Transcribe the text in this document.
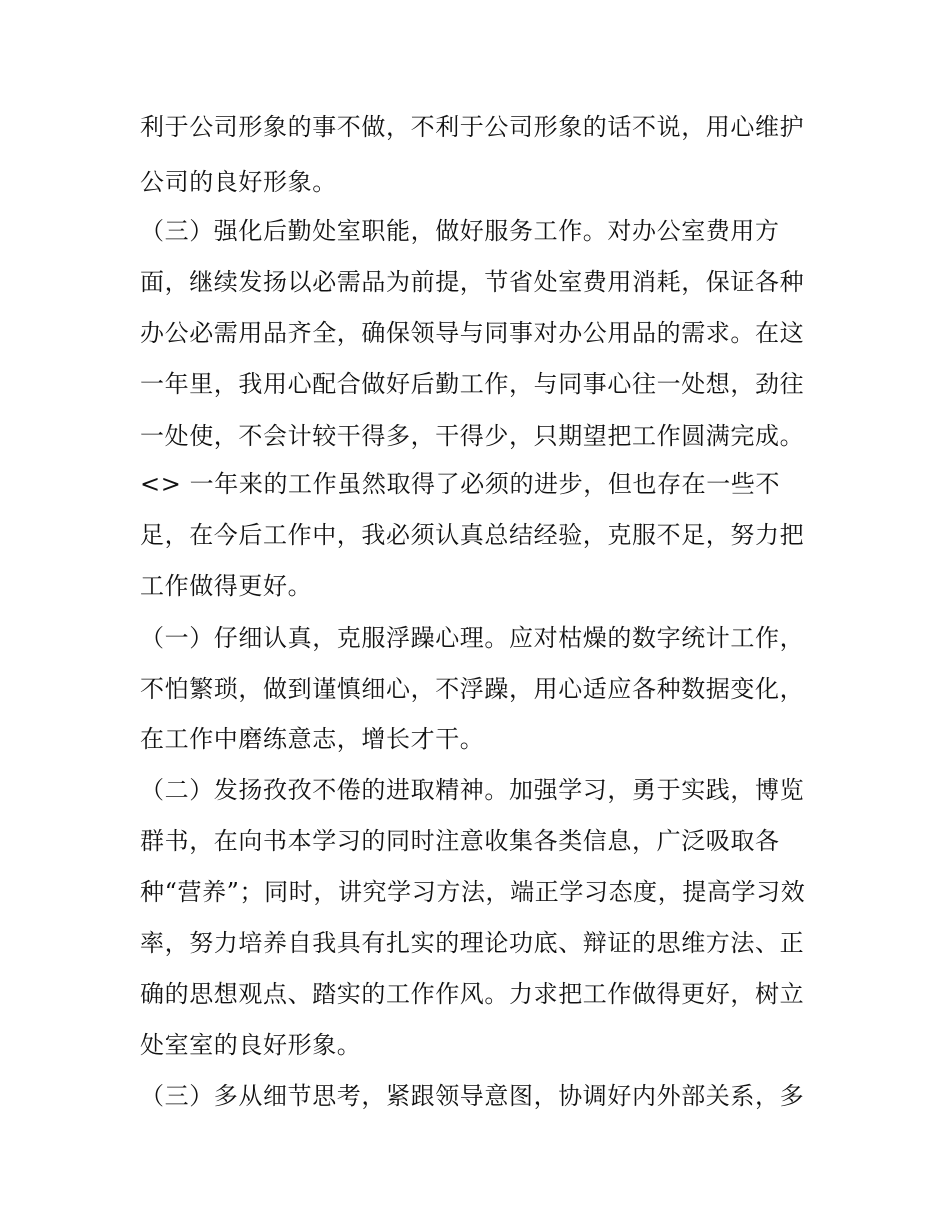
利于公司形象的事不做，不利于公司形象的话不说，用心维护
公司的良好形象。
（三）强化后勤处室职能，做好服务工作。对办公室费用方
面，继续发扬以必需品为前提，节省处室费用消耗，保证各种
办公必需用品齐全，确保领导与同事对办公用品的需求。在这
一年里，我用心配合做好后勤工作，与同事心往一处想，劲往
一处使，不会计较干得多，干得少，只期望把工作圆满完成。
<> 一年来的工作虽然取得了必须的进步，但也存在一些不
足，在今后工作中，我必须认真总结经验，克服不足，努力把
工作做得更好。
（一）仔细认真，克服浮躁心理。应对枯燥的数字统计工作，
不怕繁琐，做到谨慎细心，不浮躁，用心适应各种数据变化，
在工作中磨练意志，增长才干。
（二）发扬孜孜不倦的进取精神。加强学习，勇于实践，博览
群书，在向书本学习的同时注意收集各类信息，广泛吸取各
种“营养”；同时，讲究学习方法，端正学习态度，提高学习效
率，努力培养自我具有扎实的理论功底、辩证的思维方法、正
确的思想观点、踏实的工作作风。力求把工作做得更好，树立
处室室的良好形象。
（三）多从细节思考，紧跟领导意图，协调好内外部关系，多
